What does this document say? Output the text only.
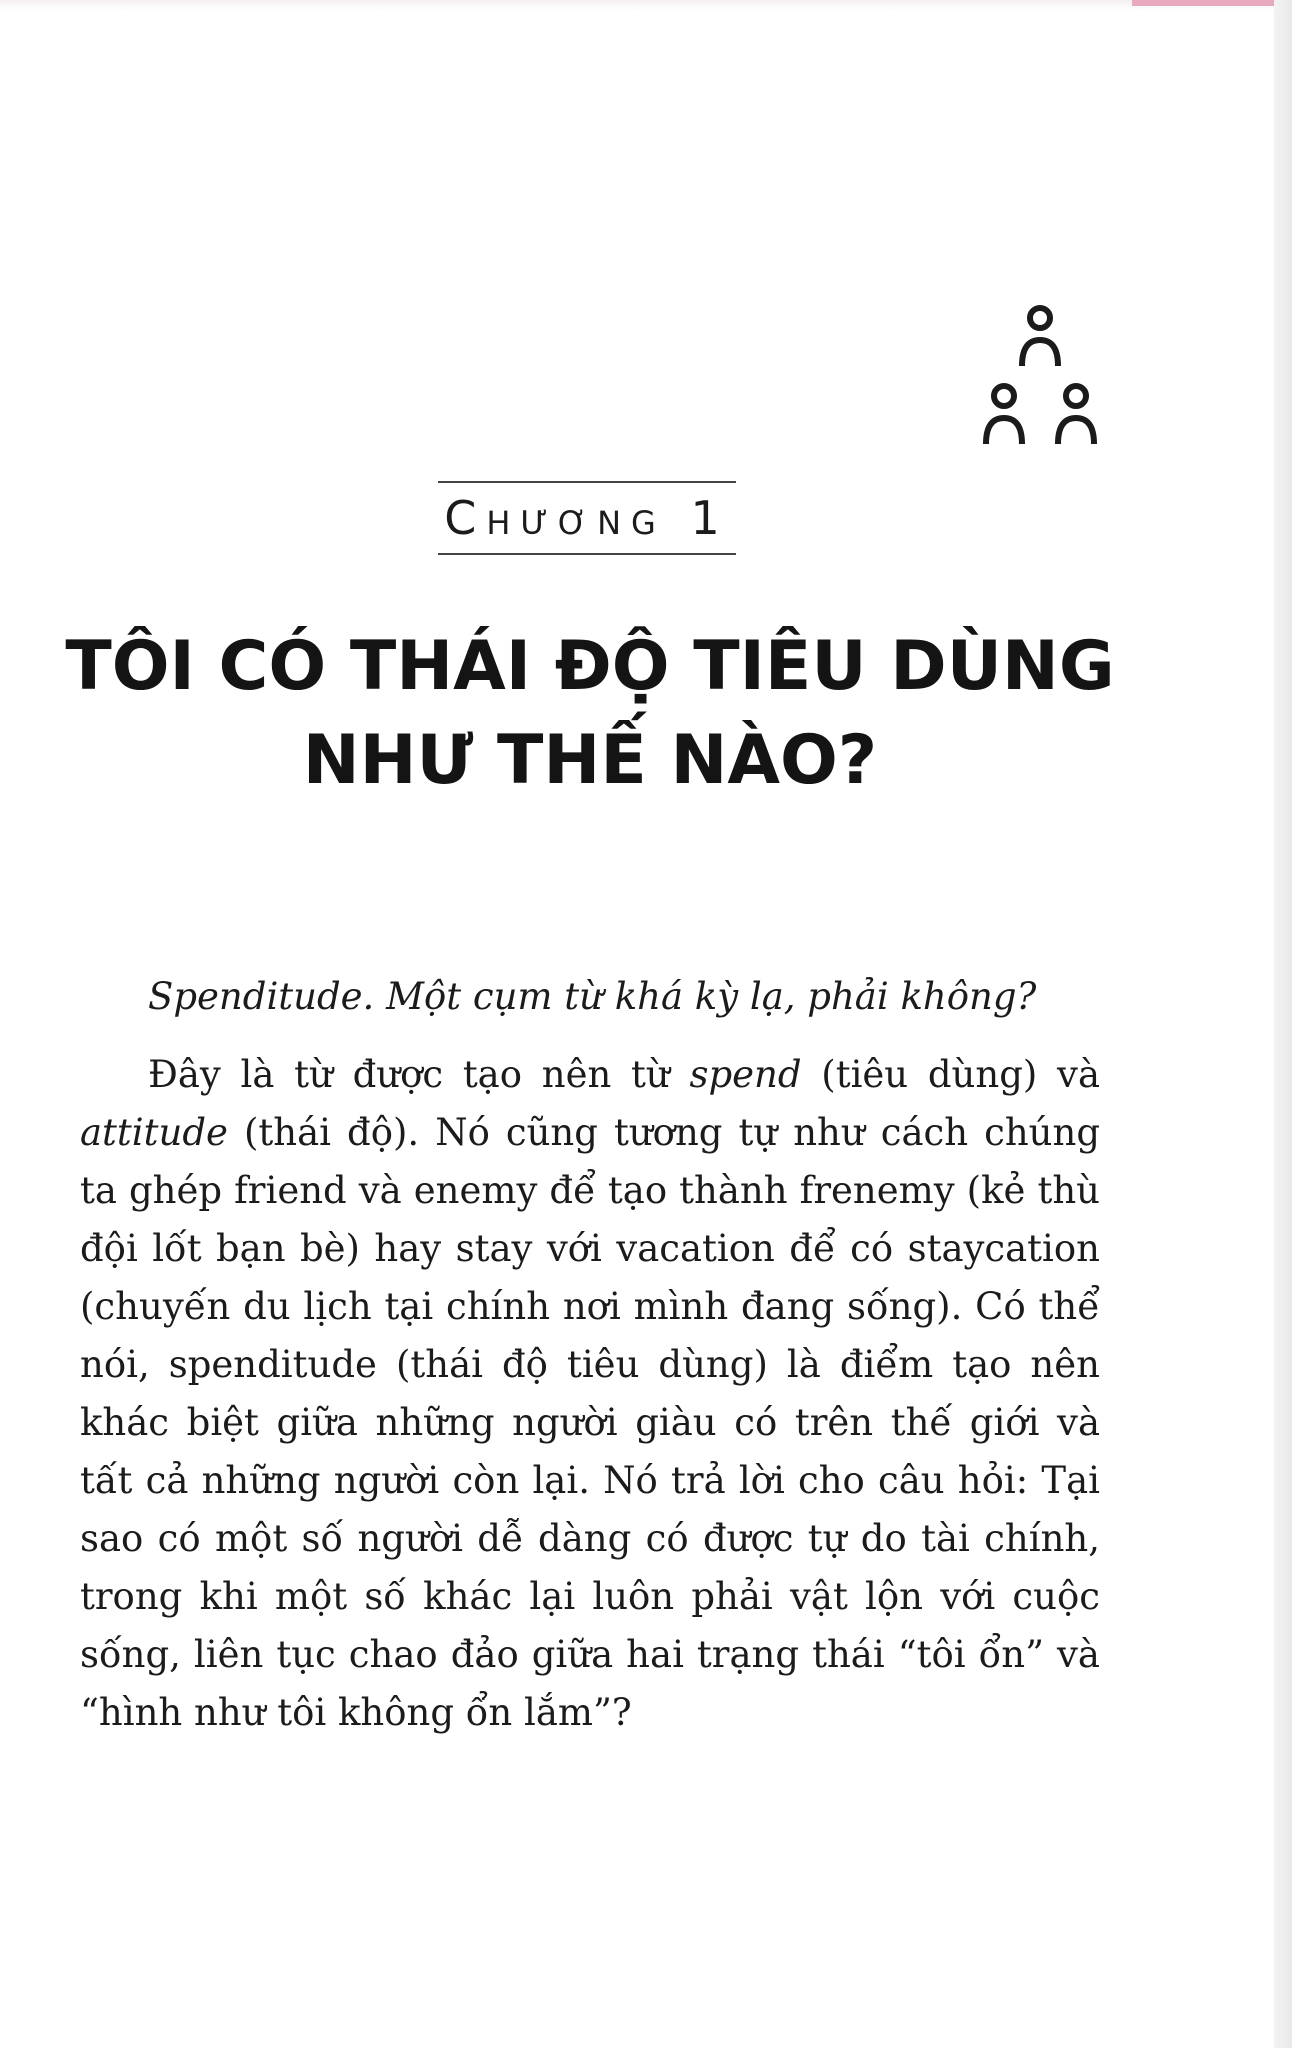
Chương 1
TÔI CÓ THÁI ĐỘ TIÊU DÙNG
NHƯ THẾ NÀO?

Spenditude. Một cụm từ khá kỳ lạ, phải không?

Đây là từ được tạo nên từ spend (tiêu dùng) và attitude (thái độ). Nó cũng tương tự như cách chúng ta ghép friend và enemy để tạo thành frenemy (kẻ thù đội lốt bạn bè) hay stay với vacation để có staycation (chuyến du lịch tại chính nơi mình đang sống). Có thể nói, spenditude (thái độ tiêu dùng) là điểm tạo nên khác biệt giữa những người giàu có trên thế giới và tất cả những người còn lại. Nó trả lời cho câu hỏi: Tại sao có một số người dễ dàng có được tự do tài chính, trong khi một số khác lại luôn phải vật lộn với cuộc sống, liên tục chao đảo giữa hai trạng thái “tôi ổn” và “hình như tôi không ổn lắm”?
